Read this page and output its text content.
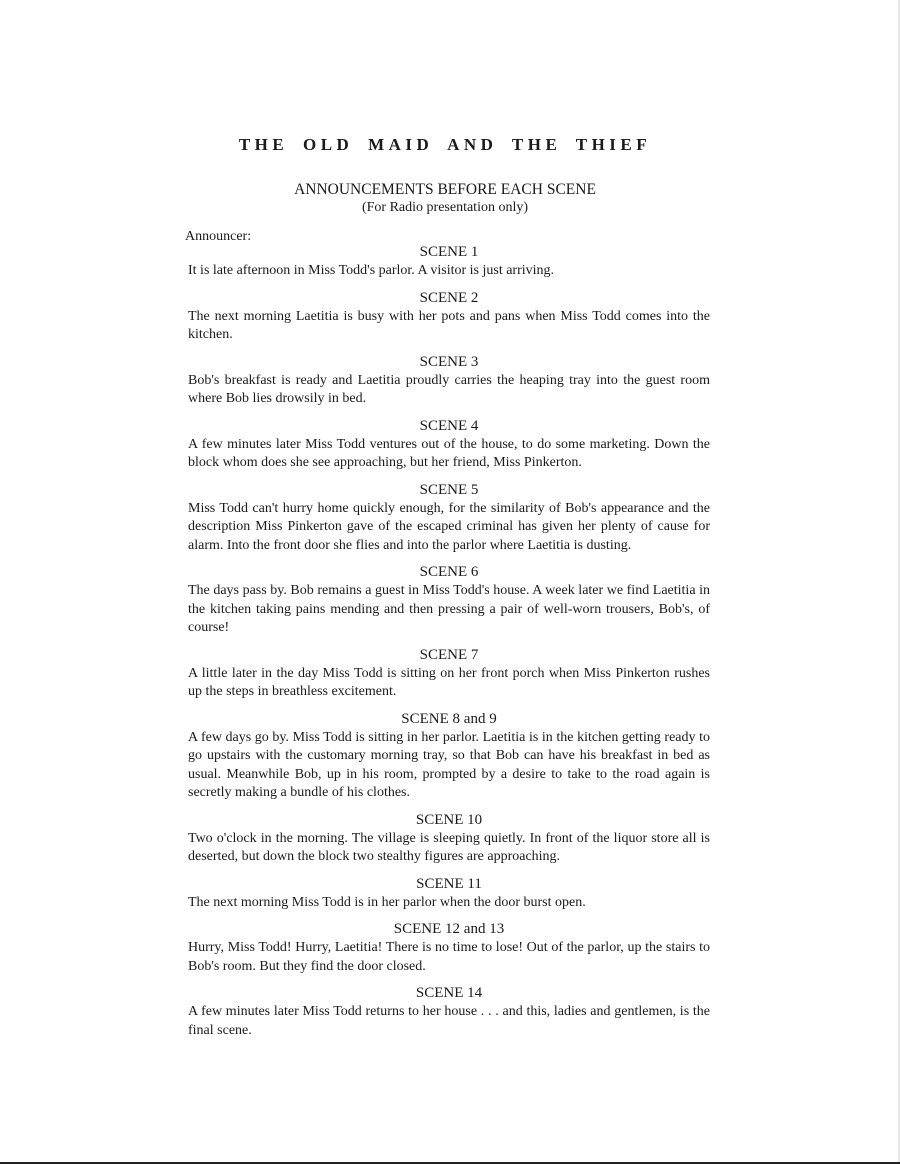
THE OLD MAID AND THE THIEF
ANNOUNCEMENTS BEFORE EACH SCENE
(For Radio presentation only)
Announcer:
SCENE 1

It is late afternoon in Miss Todd's parlor. A visitor is just arriving.

SCENE 2

The next morning Laetitia is busy with her pots and pans when Miss Todd comes into the kitchen.

SCENE 3

Bob's breakfast is ready and Laetitia proudly carries the heaping tray into the guest room where Bob lies drowsily in bed.

SCENE 4

A few minutes later Miss Todd ventures out of the house, to do some marketing. Down the block whom does she see approaching, but her friend, Miss Pinkerton.

SCENE 5

Miss Todd can't hurry home quickly enough, for the similarity of Bob's appearance and the description Miss Pinkerton gave of the escaped criminal has given her plenty of cause for alarm. Into the front door she flies and into the parlor where Laetitia is dusting.

SCENE 6

The days pass by. Bob remains a guest in Miss Todd's house. A week later we find Laetitia in the kitchen taking pains mending and then pressing a pair of well-worn trousers, Bob's, of course!

SCENE 7

A little later in the day Miss Todd is sitting on her front porch when Miss Pinkerton rushes up the steps in breathless excitement.

SCENE 8 and 9

A few days go by. Miss Todd is sitting in her parlor. Laetitia is in the kitchen getting ready to go upstairs with the customary morning tray, so that Bob can have his breakfast in bed as usual. Meanwhile Bob, up in his room, prompted by a desire to take to the road again is secretly making a bundle of his clothes.

SCENE 10

Two o'clock in the morning. The village is sleeping quietly. In front of the liquor store all is deserted, but down the block two stealthy figures are approaching.

SCENE 11

The next morning Miss Todd is in her parlor when the door burst open.

SCENE 12 and 13

Hurry, Miss Todd! Hurry, Laetitia! There is no time to lose! Out of the parlor, up the stairs to Bob's room. But they find the door closed.

SCENE 14

A few minutes later Miss Todd returns to her house . . . and this, ladies and gentlemen, is the final scene.
